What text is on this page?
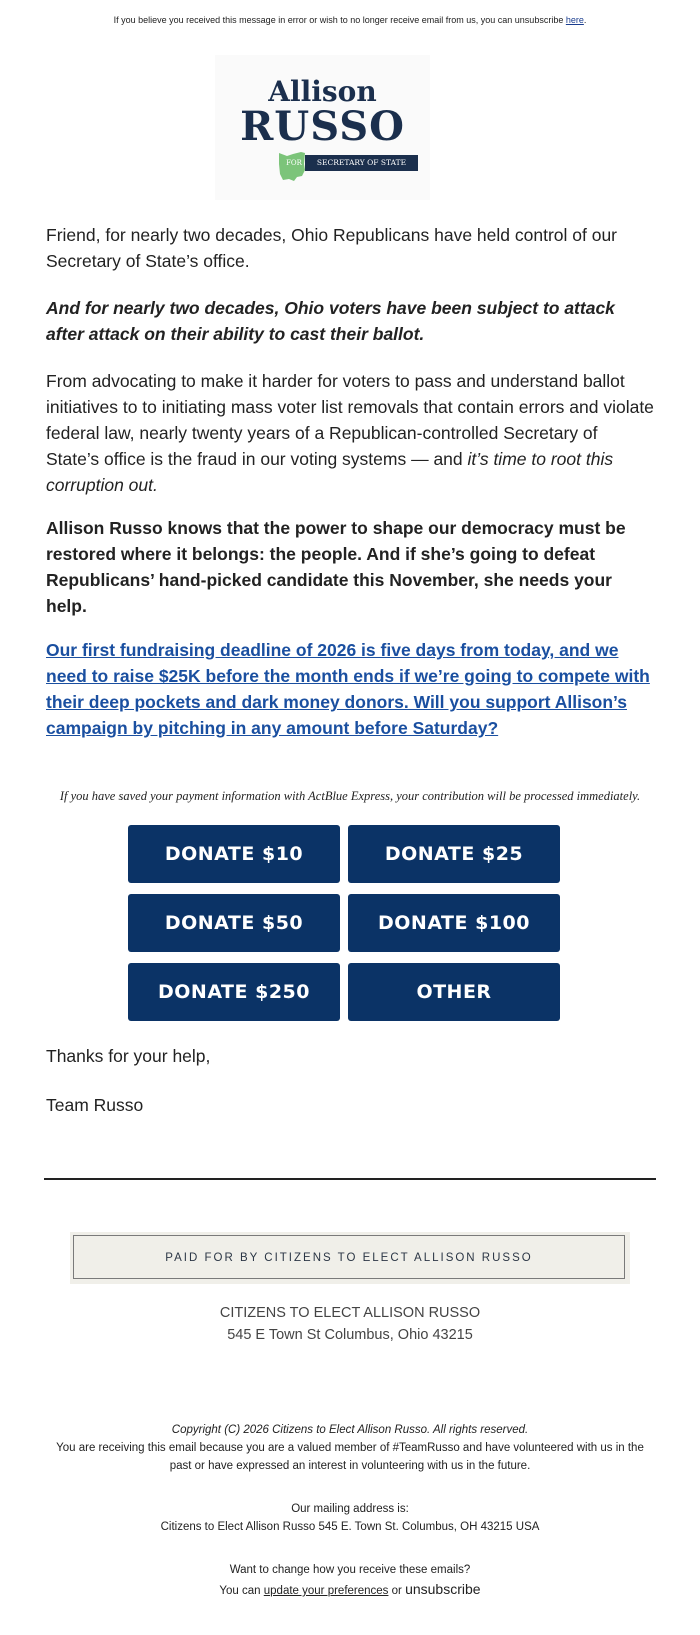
If you believe you received this message in error or wish to no longer receive email from us, you can unsubscribe here.
Allison
RUSSO
FOR	SECRETARY OF STATE
Friend, for nearly two decades, Ohio Republicans have held control of our Secretary of State’s office.
And for nearly two decades, Ohio voters have been subject to attack after attack on their ability to cast their ballot.
From advocating to make it harder for voters to pass and understand ballot initiatives to to initiating mass voter list removals that contain errors and violate federal law, nearly twenty years of a Republican-controlled Secretary of State’s office is the fraud in our voting systems — and it’s time to root this corruption out.
Allison Russo knows that the power to shape our democracy must be restored where it belongs: the people. And if she’s going to defeat Republicans’ hand-picked candidate this November, she needs your help.
Our first fundraising deadline of 2026 is five days from today, and we need to raise $25K before the month ends if we’re going to compete with their deep pockets and dark money donors. Will you support Allison’s campaign by pitching in any amount before Saturday?
If you have saved your payment information with ActBlue Express, your contribution will be processed immediately.
DONATE $10	DONATE $25
DONATE $50	DONATE $100
DONATE $250	OTHER
Thanks for your help,
Team Russo
PAID FOR BY CITIZENS TO ELECT ALLISON RUSSO
CITIZENS TO ELECT ALLISON RUSSO
545 E Town St Columbus, Ohio 43215
Copyright (C) 2026 Citizens to Elect Allison Russo. All rights reserved.
You are receiving this email because you are a valued member of #TeamRusso and have volunteered with us in the past or have expressed an interest in volunteering with us in the future.
Our mailing address is:
Citizens to Elect Allison Russo 545 E. Town St. Columbus, OH 43215 USA
Want to change how you receive these emails?
You can update your preferences or unsubscribe
